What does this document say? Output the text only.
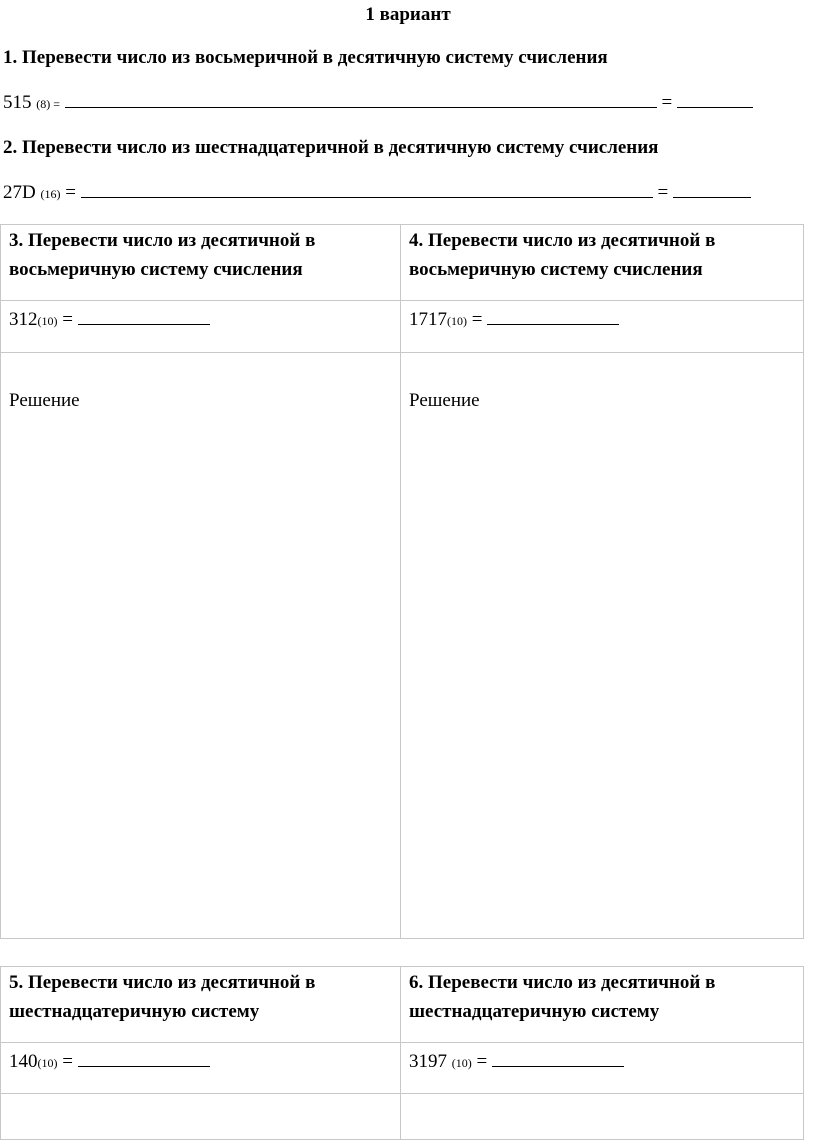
1 вариант
1. Перевести число из восьмеричной в десятичную систему счисления
515 (8) =	=
2. Перевести число из шестнадцатеричной в десятичную систему счисления
27D (16) =	=
3. Перевести число из десятичной в восьмеричную систему счисления	4. Перевести число из десятичной в восьмеричную систему счисления
312(10) =	1717(10) =

Решение	Решение
5. Перевести число из десятичной в шестнадцатеричную систему	6. Перевести число из десятичной в шестнадцатеричную систему
140(10) =	3197 (10) =
